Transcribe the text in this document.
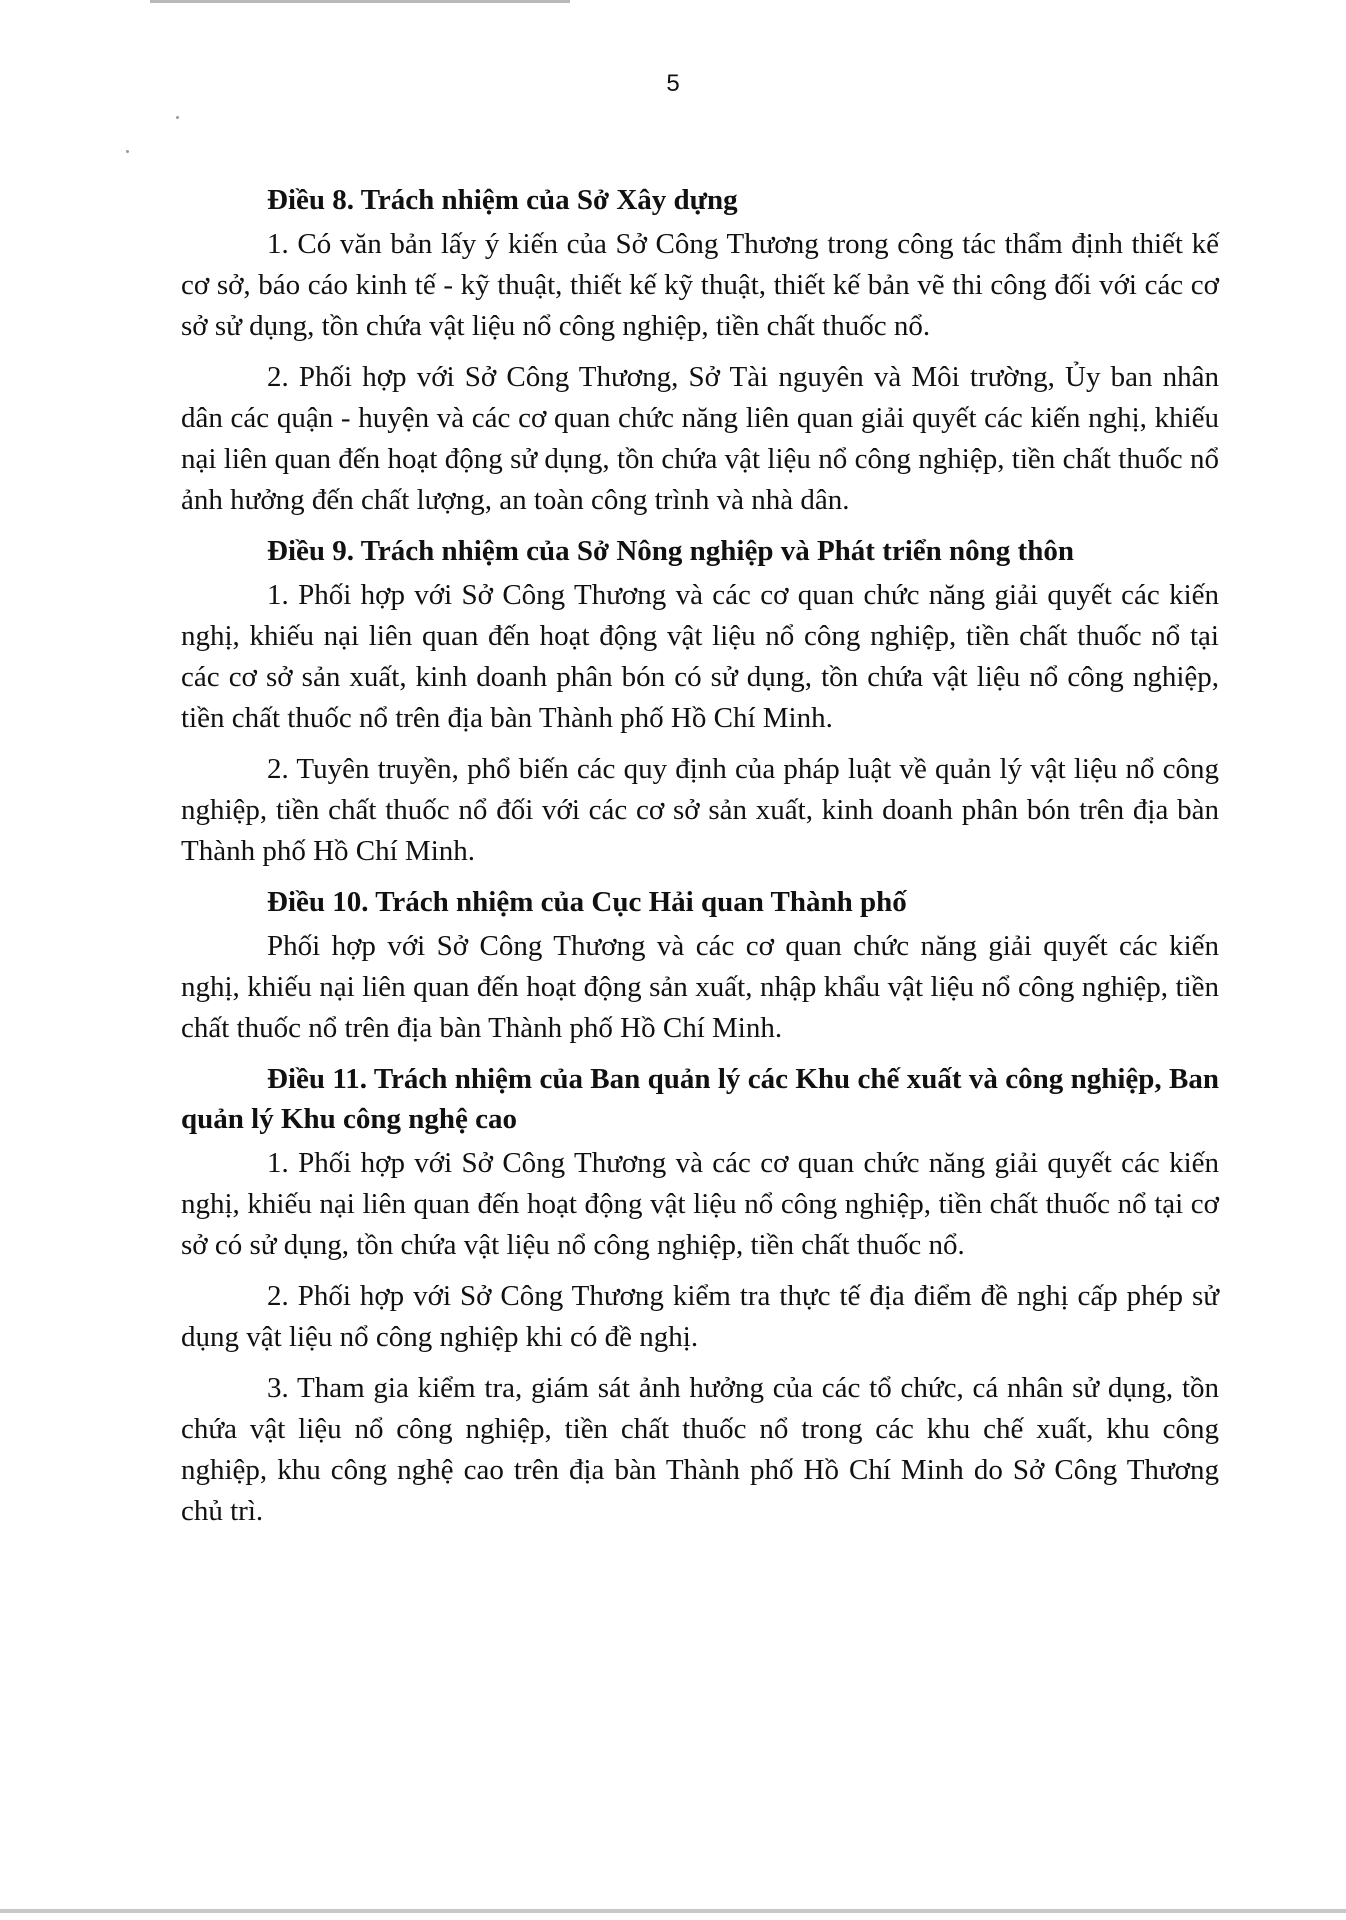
5

Điều 8. Trách nhiệm của Sở Xây dựng

1. Có văn bản lấy ý kiến của Sở Công Thương trong công tác thẩm định thiết kế cơ sở, báo cáo kinh tế - kỹ thuật, thiết kế kỹ thuật, thiết kế bản vẽ thi công đối với các cơ sở sử dụng, tồn chứa vật liệu nổ công nghiệp, tiền chất thuốc nổ.

2. Phối hợp với Sở Công Thương, Sở Tài nguyên và Môi trường, Ủy ban nhân dân các quận - huyện và các cơ quan chức năng liên quan giải quyết các kiến nghị, khiếu nại liên quan đến hoạt động sử dụng, tồn chứa vật liệu nổ công nghiệp, tiền chất thuốc nổ ảnh hưởng đến chất lượng, an toàn công trình và nhà dân.

Điều 9. Trách nhiệm của Sở Nông nghiệp và Phát triển nông thôn

1. Phối hợp với Sở Công Thương và các cơ quan chức năng giải quyết các kiến nghị, khiếu nại liên quan đến hoạt động vật liệu nổ công nghiệp, tiền chất thuốc nổ tại các cơ sở sản xuất, kinh doanh phân bón có sử dụng, tồn chứa vật liệu nổ công nghiệp, tiền chất thuốc nổ trên địa bàn Thành phố Hồ Chí Minh.

2. Tuyên truyền, phổ biến các quy định của pháp luật về quản lý vật liệu nổ công nghiệp, tiền chất thuốc nổ đối với các cơ sở sản xuất, kinh doanh phân bón trên địa bàn Thành phố Hồ Chí Minh.

Điều 10. Trách nhiệm của Cục Hải quan Thành phố

Phối hợp với Sở Công Thương và các cơ quan chức năng giải quyết các kiến nghị, khiếu nại liên quan đến hoạt động sản xuất, nhập khẩu vật liệu nổ công nghiệp, tiền chất thuốc nổ trên địa bàn Thành phố Hồ Chí Minh.

Điều 11. Trách nhiệm của Ban quản lý các Khu chế xuất và công nghiệp, Ban quản lý Khu công nghệ cao

1. Phối hợp với Sở Công Thương và các cơ quan chức năng giải quyết các kiến nghị, khiếu nại liên quan đến hoạt động vật liệu nổ công nghiệp, tiền chất thuốc nổ tại cơ sở có sử dụng, tồn chứa vật liệu nổ công nghiệp, tiền chất thuốc nổ.

2. Phối hợp với Sở Công Thương kiểm tra thực tế địa điểm đề nghị cấp phép sử dụng vật liệu nổ công nghiệp khi có đề nghị.

3. Tham gia kiểm tra, giám sát ảnh hưởng của các tổ chức, cá nhân sử dụng, tồn chứa vật liệu nổ công nghiệp, tiền chất thuốc nổ trong các khu chế xuất, khu công nghiệp, khu công nghệ cao trên địa bàn Thành phố Hồ Chí Minh do Sở Công Thương chủ trì.
